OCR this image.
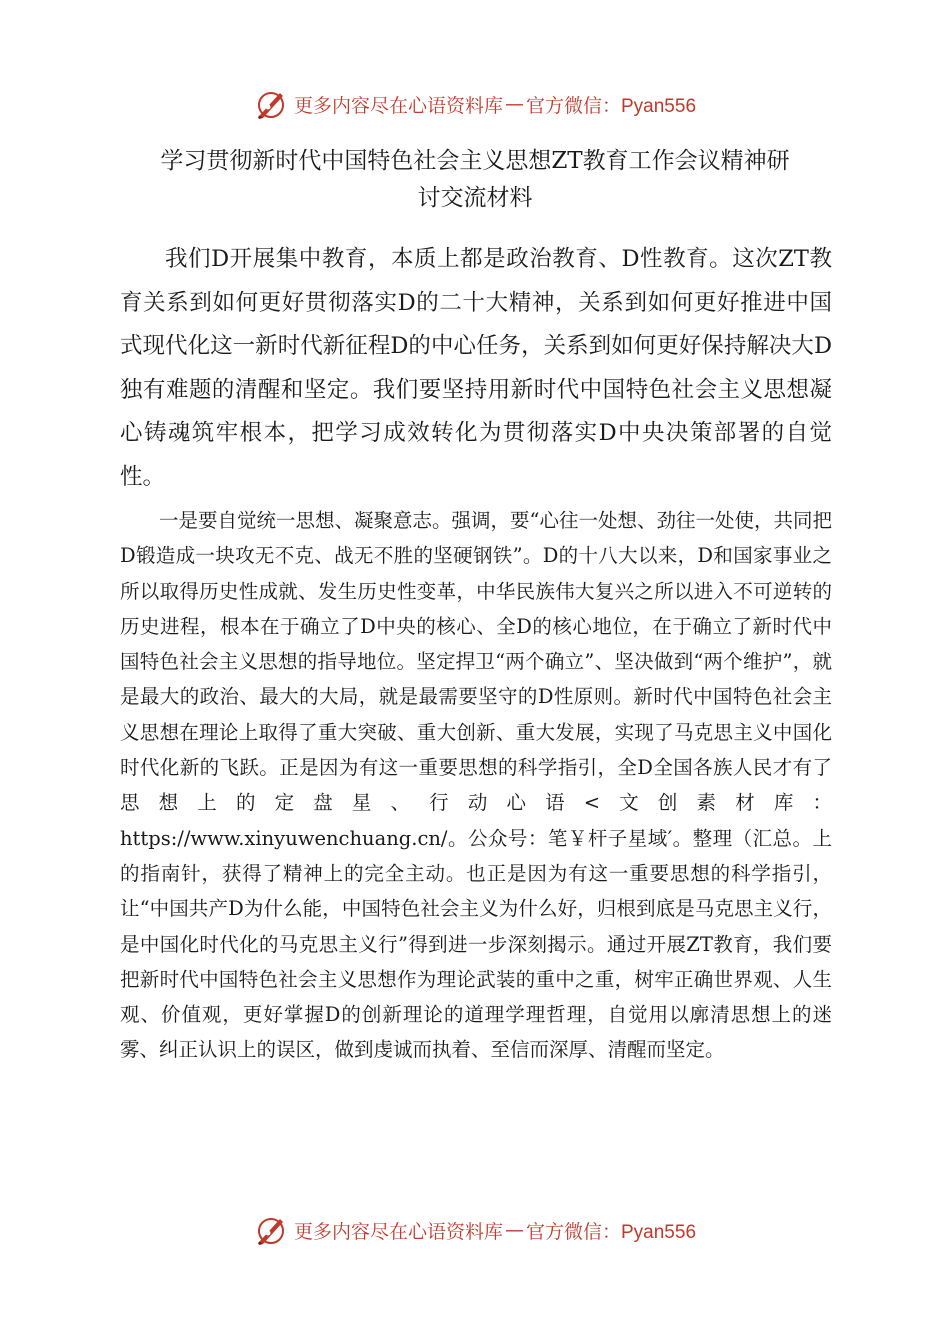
更多内容尽在心语资料库 — 官方微信：Pyan556
学习贯彻新时代中国特色社会主义思想ZT教育工作会议精神研
讨交流材料

我们D开展集中教育，本质上都是政治教育、D性教育。这次ZT教育关系到如何更好贯彻落实D的二十大精神，关系到如何更好推进中国式现代化这一新时代新征程D的中心任务，关系到如何更好保持解决大D独有难题的清醒和坚定。我们要坚持用新时代中国特色社会主义思想凝心铸魂筑牢根本，把学习成效转化为贯彻落实D中央决策部署的自觉性。

一是要自觉统一思想、凝聚意志。强调，要“心往一处想、劲往一处使，共同把D锻造成一块攻无不克、战无不胜的坚硬钢铁”。D的十八大以来，D和国家事业之所以取得历史性成就、发生历史性变革，中华民族伟大复兴之所以进入不可逆转的历史进程，根本在于确立了D中央的核心、全D的核心地位，在于确立了新时代中国特色社会主义思想的指导地位。坚定捍卫“两个确立”、坚决做到“两个维护”，就是最大的政治、最大的大局，就是最需要坚守的D性原则。新时代中国特色社会主义思想在理论上取得了重大突破、重大创新、重大发展，实现了马克思主义中国化时代化新的飞跃。正是因为有这一重要思想的科学指引，全D全国各族人民才有了思想上的定盘星、行动心语<文创素材库：https://www.xinyuwenchuang.cn/。公众号：笔￥杆子星域′。整理（汇总。上的指南针，获得了精神上的完全主动。也正是因为有这一重要思想的科学指引，让“中国共产D为什么能，中国特色社会主义为什么好，归根到底是马克思主义行，是中国化时代化的马克思主义行”得到进一步深刻揭示。通过开展ZT教育，我们要把新时代中国特色社会主义思想作为理论武装的重中之重，树牢正确世界观、人生观、价值观，更好掌握D的创新理论的道理学理哲理，自觉用以廓清思想上的迷雾、纠正认识上的误区，做到虔诚而执着、至信而深厚、清醒而坚定。

更多内容尽在心语资料库 — 官方微信：Pyan556
